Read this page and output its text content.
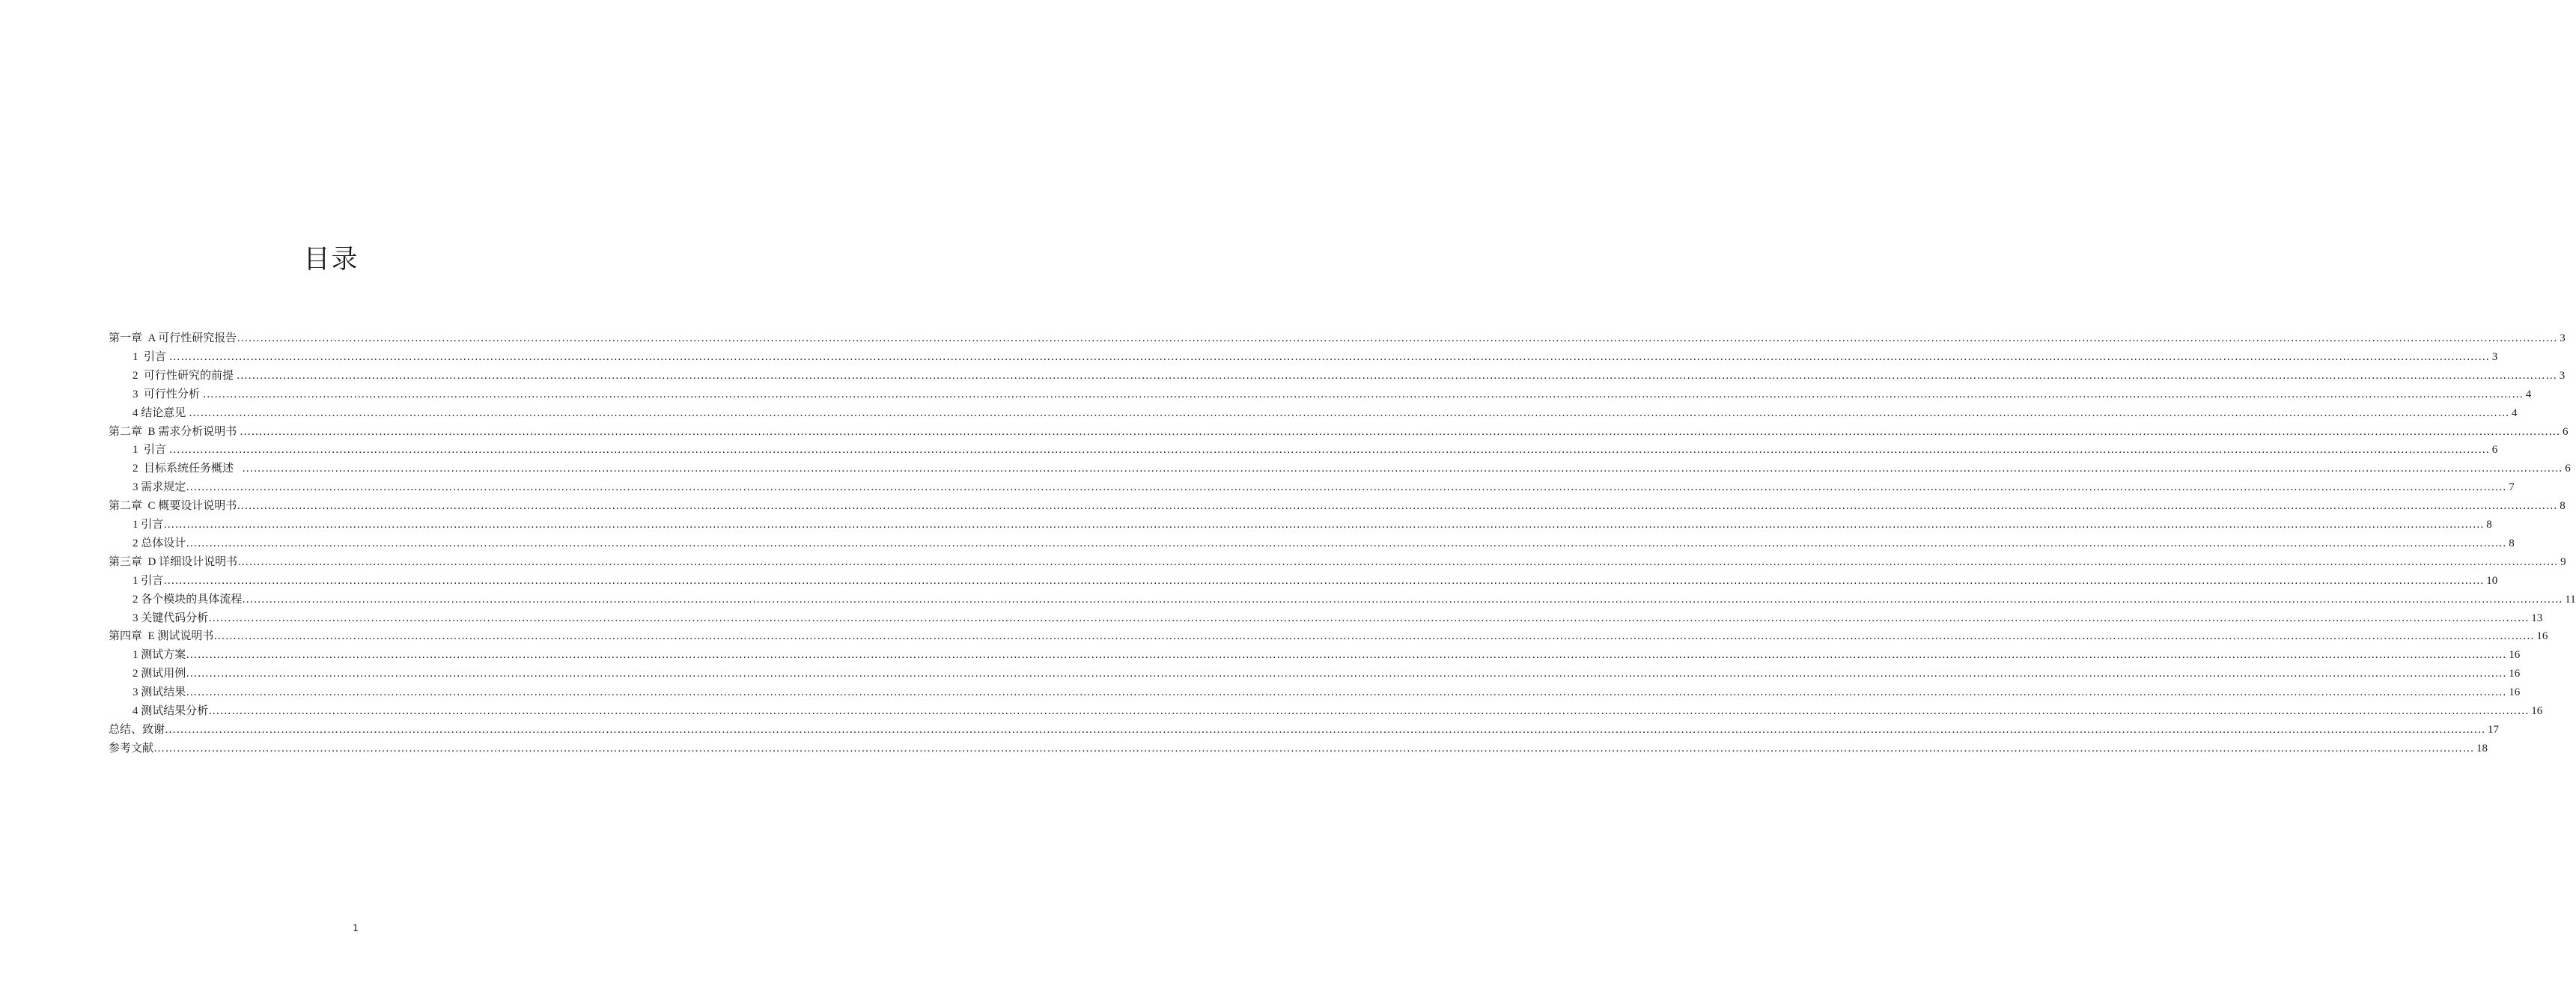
目录
第一章  A 可行性研究报告 …………………………………………………………………………………………………………………………………………………………………………………………………………………………………………………………………………………………………………………………………………………………………………………………………………………………………………………………………………………………………………………………………………………… 3
1  引言 …………………………………………………………………………………………………………………………………………………………………………………………………………………………………………………………………………………………………………………………………………………………………………………………………………………………………………………………………………………………………………………………………………………… 3
2  可行性研究的前提 …………………………………………………………………………………………………………………………………………………………………………………………………………………………………………………………………………………………………………………………………………………………………………………………………………………………………………………………………………………………………………………………………………………… 3
3  可行性分析 …………………………………………………………………………………………………………………………………………………………………………………………………………………………………………………………………………………………………………………………………………………………………………………………………………………………………………………………………………………………………………………………………………………… 4
4 结论意见 …………………………………………………………………………………………………………………………………………………………………………………………………………………………………………………………………………………………………………………………………………………………………………………………………………………………………………………………………………………………………………………………………………………… 4
第二章  B 需求分析说明书 …………………………………………………………………………………………………………………………………………………………………………………………………………………………………………………………………………………………………………………………………………………………………………………………………………………………………………………………………………………………………………………………………………………… 6
1  引言 …………………………………………………………………………………………………………………………………………………………………………………………………………………………………………………………………………………………………………………………………………………………………………………………………………………………………………………………………………………………………………………………………………………… 6
2  目标系统任务概述 …………………………………………………………………………………………………………………………………………………………………………………………………………………………………………………………………………………………………………………………………………………………………………………………………………………………………………………………………………………………………………………………………………………… 6
3 需求规定 …………………………………………………………………………………………………………………………………………………………………………………………………………………………………………………………………………………………………………………………………………………………………………………………………………………………………………………………………………………………………………………………………………………… 7
第二章  C 概要设计说明书 …………………………………………………………………………………………………………………………………………………………………………………………………………………………………………………………………………………………………………………………………………………………………………………………………………………………………………………………………………………………………………………………………………………… 8
1 引言 …………………………………………………………………………………………………………………………………………………………………………………………………………………………………………………………………………………………………………………………………………………………………………………………………………………………………………………………………………………………………………………………………………………… 8
2 总体设计 …………………………………………………………………………………………………………………………………………………………………………………………………………………………………………………………………………………………………………………………………………………………………………………………………………………………………………………………………………………………………………………………………………………… 8
第三章  D 详细设计说明书 …………………………………………………………………………………………………………………………………………………………………………………………………………………………………………………………………………………………………………………………………………………………………………………………………………………………………………………………………………………………………………………………………………………… 9
1 引言 …………………………………………………………………………………………………………………………………………………………………………………………………………………………………………………………………………………………………………………………………………………………………………………………………………………………………………………………………………………………………………………………………………………… 10
2 各个模块的具体流程 …………………………………………………………………………………………………………………………………………………………………………………………………………………………………………………………………………………………………………………………………………………………………………………………………………………………………………………………………………………………………………………………………………………… 11
3 关键代码分析 …………………………………………………………………………………………………………………………………………………………………………………………………………………………………………………………………………………………………………………………………………………………………………………………………………………………………………………………………………………………………………………………………………………… 13
第四章  E 测试说明书 …………………………………………………………………………………………………………………………………………………………………………………………………………………………………………………………………………………………………………………………………………………………………………………………………………………………………………………………………………………………………………………………………………………… 16
1 测试方案 …………………………………………………………………………………………………………………………………………………………………………………………………………………………………………………………………………………………………………………………………………………………………………………………………………………………………………………………………………………………………………………………………………………… 16
2 测试用例 …………………………………………………………………………………………………………………………………………………………………………………………………………………………………………………………………………………………………………………………………………………………………………………………………………………………………………………………………………………………………………………………………………………… 16
3 测试结果 …………………………………………………………………………………………………………………………………………………………………………………………………………………………………………………………………………………………………………………………………………………………………………………………………………………………………………………………………………………………………………………………………………………… 16
4 测试结果分析 …………………………………………………………………………………………………………………………………………………………………………………………………………………………………………………………………………………………………………………………………………………………………………………………………………………………………………………………………………………………………………………………………………………… 16
总结、致谢 …………………………………………………………………………………………………………………………………………………………………………………………………………………………………………………………………………………………………………………………………………………………………………………………………………………………………………………………………………………………………………………………………………………… 17
参考文献 …………………………………………………………………………………………………………………………………………………………………………………………………………………………………………………………………………………………………………………………………………………………………………………………………………………………………………………………………………………………………………………………………………………… 18
1
